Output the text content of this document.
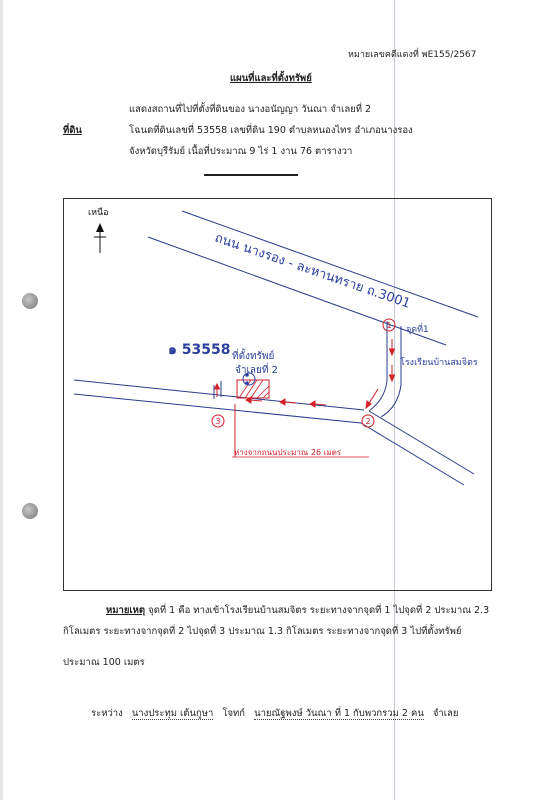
หมายเลขคดีแดงที่ พE155/2567
แผนที่และที่ตั้งทรัพย์
แสดงสถานที่ไปที่ตั้งที่ดินของ นางอนัญญา วันณา จำเลยที่ 2
ที่ดิน	โฉนดที่ดินเลขที่ 53558 เลขที่ดิน 190 ตำบลหนองไทร อำเภอนางรอง
จังหวัดบุรีรัมย์ เนื้อที่ประมาณ 9 ไร่ 1 งาน 76 ตารางวา
1
2
3
เหนือ
ถนน นางรอง - ละหานทราย ถ.3001
๑ 53558 ที่ตั้งทรัพย์
จำเลยที่ 2
จุดที่1
โรงเรียนบ้านสมจิตร
ห่างจากถนนประมาณ 26 เมตร
หมายเหตุ จุดที่ 1 คือ ทางเข้าโรงเรียนบ้านสมจิตร ระยะทางจากจุดที่ 1 ไปจุดที่ 2 ประมาณ 2.3
กิโลเมตร ระยะทางจากจุดที่ 2 ไปจุดที่ 3 ประมาณ 1.3 กิโลเมตร ระยะทางจากจุดที่ 3 ไปที่ตั้งทรัพย์
ประมาณ 100 เมตร
ระหว่าง นางประทุม เต้นกูษา โจทก์ นายณัฐพงษ์ วันณา ที่ 1 กับพวกรวม 2 คน จำเลย
